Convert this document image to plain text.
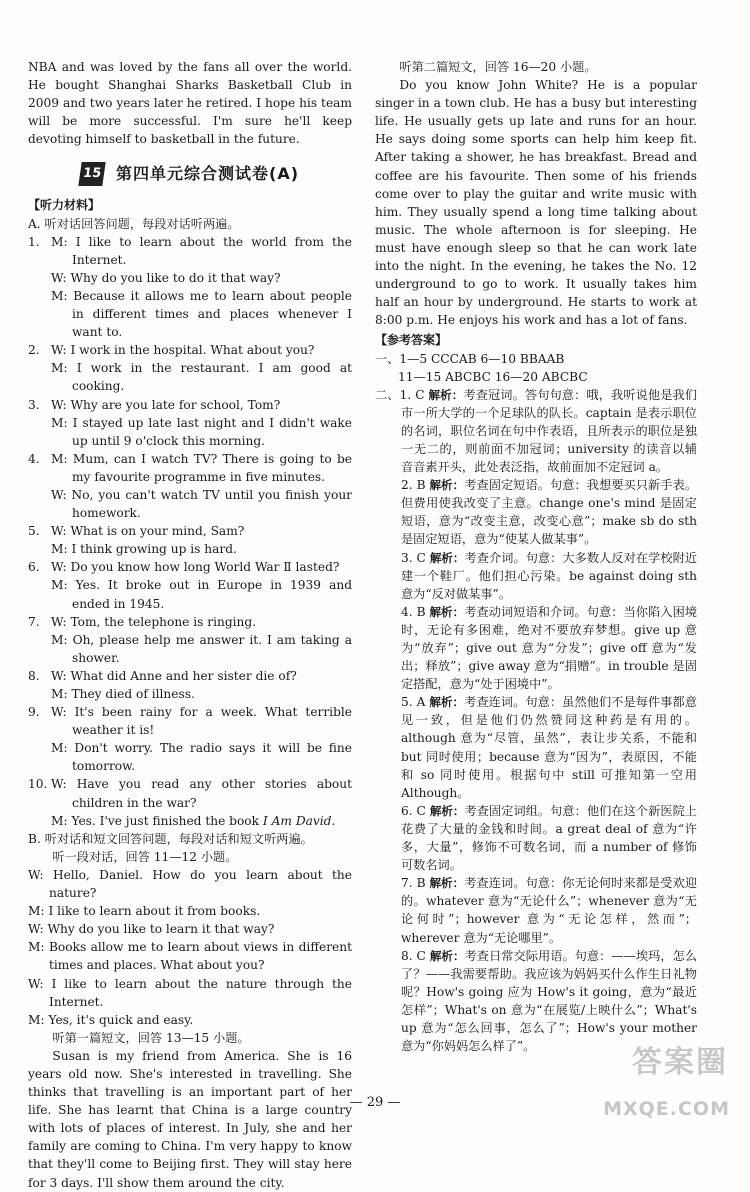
NBA and was loved by the fans all over the world. He bought Shanghai Sharks Basketball Club in 2009 and two years later he retired. I hope his team will be more successful. I'm sure he'll keep devoting himself to basketball in the future.
15 第四单元综合测试卷(A)
【听力材料】
A. 听对话回答问题，每段对话听两遍。
1. M: I like to learn about the world from the Internet.
W: Why do you like to do it that way?
M: Because it allows me to learn about people in different times and places whenever I want to.
2. W: I work in the hospital. What about you?
M: I work in the restaurant. I am good at cooking.
3. W: Why are you late for school, Tom?
M: I stayed up late last night and I didn't wake up until 9 o'clock this morning.
4. M: Mum, can I watch TV? There is going to be my favourite programme in five minutes.
W: No, you can't watch TV until you finish your homework.
5. W: What is on your mind, Sam?
M: I think growing up is hard.
6. W: Do you know how long World War Ⅱ lasted?
M: Yes. It broke out in Europe in 1939 and ended in 1945.
7. W: Tom, the telephone is ringing.
M: Oh, please help me answer it. I am taking a shower.
8. W: What did Anne and her sister die of?
M: They died of illness.
9. W: It's been rainy for a week. What terrible weather it is!
M: Don't worry. The radio says it will be fine tomorrow.
10. W: Have you read any other stories about children in the war?
M: Yes. I've just finished the book I Am David.
B. 听对话和短文回答问题，每段对话和短文听两遍。
听一段对话，回答 11—12 小题。
W: Hello, Daniel. How do you learn about the nature?
M: I like to learn about it from books.
W: Why do you like to learn it that way?
M: Books allow me to learn about views in different times and places. What about you?
W: I like to learn about the nature through the Internet.
M: Yes, it's quick and easy.
听第一篇短文，回答 13—15 小题。
Susan is my friend from America. She is 16 years old now. She's interested in travelling. She thinks that travelling is an important part of her life. She has learnt that China is a large country with lots of places of interest. In July, she and her family are coming to China. I'm very happy to know that they'll come to Beijing first. They will stay here for 3 days. I'll show them around the city.
听第二篇短文，回答 16—20 小题。
Do you know John White? He is a popular singer in a town club. He has a busy but interesting life. He usually gets up late and runs for an hour. He says doing some sports can help him keep fit. After taking a shower, he has breakfast. Bread and coffee are his favourite. Then some of his friends come over to play the guitar and write music with him. They usually spend a long time talking about music. The whole afternoon is for sleeping. He must have enough sleep so that he can work late into the night. In the evening, he takes the No. 12 underground to go to work. It usually takes him half an hour by underground. He starts to work at 8:00 p.m. He enjoys his work and has a lot of fans.
【参考答案】
一、1—5 CCCAB 6—10 BBAAB
11—15 ABCBC 16—20 ABCBC
二、1. C 解析：考查冠词。答句句意：哦，我听说他是我们市一所大学的一个足球队的队长。captain 是表示职位的名词，职位名词在句中作表语，且所表示的职位是独一无二的，则前面不加冠词；university 的读音以辅音音素开头，此处表泛指，故前面加不定冠词 a。
2. B 解析：考查固定短语。句意：我想要买只新手表。但费用使我改变了主意。change one's mind 是固定短语，意为“改变主意，改变心意”；make sb do sth 是固定短语，意为“使某人做某事”。
3. C 解析：考查介词。句意：大多数人反对在学校附近建一个鞋厂。他们担心污染。be against doing sth 意为“反对做某事”。
4. B 解析：考查动词短语和介词。句意：当你陷入困境时，无论有多困难，绝对不要放弃梦想。give up 意为“放弃”；give out 意为“分发”；give off 意为“发出；释放”；give away 意为“捐赠”。in trouble 是固定搭配，意为“处于困境中”。
5. A 解析：考查连词。句意：虽然他们不是每件事都意见一致，但是他们仍然赞同这种药是有用的。although 意为“尽管，虽然”，表让步关系，不能和 but 同时使用；because 意为“因为”，表原因，不能和 so 同时使用。根据句中 still 可推知第一空用 Although。
6. C 解析：考查固定词组。句意：他们在这个新医院上花费了大量的金钱和时间。a great deal of 意为“许多，大量”，修饰不可数名词，而 a number of 修饰可数名词。
7. B 解析：考查连词。句意：你无论何时来都是受欢迎的。whatever 意为“无论什么”；whenever 意为“无论何时”；however 意为“无论怎样，然而”；wherever 意为“无论哪里”。
8. C 解析：考查日常交际用语。句意：——埃玛，怎么了？——我需要帮助。我应该为妈妈买什么作生日礼物呢？How's going 应为 How's it going，意为“最近怎样”；What's on 意为“在展览/上映什么”；What's up 意为“怎么回事，怎么了”；How's your mother 意为“你妈妈怎么样了”。
— 29 —
答案圈
MXQE.COM
